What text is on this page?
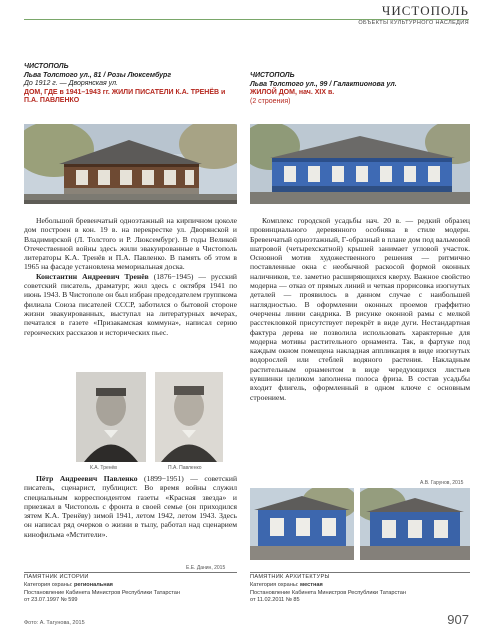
ЧИСТОПОЛЬ
ОБЪЕКТЫ КУЛЬТУРНОГО НАСЛЕДИЯ
ЧИСТОПОЛЬ
Льва Толстого ул., 81 / Розы Люксембург
До 1912 г. — Дворянская ул.
ДОМ, ГДЕ в 1941–1943 гг. ЖИЛИ ПИСАТЕЛИ К.А. ТРЕНЁВ и П.А. ПАВЛЕНКО
ЧИСТОПОЛЬ
Льва Толстого ул., 99 / Галактионова ул.
ЖИЛОЙ ДОМ, нач. XIX в.
(2 строения)

Небольшой бревенчатый одноэтажный на кирпичном цоколе дом построен в кон. 19 в. на перекрестке ул. Дворянской и Владимирской (Л. Толстого и Р. Люксембург). В годы Великой Отечественной войны здесь жили эвакуированные в Чистополь литераторы К.А. Тренёв и П.А. Павленко. В память об этом в 1965 на фасаде установлена мемориальная доска.

Константин Андреевич Тренёв (1876−1945) — русский советский писатель, драматург, жил здесь с октября 1941 по июнь 1943. В Чистополе он был избран председателем группкома филиала Союза писателей СССР, заботился о бытовой стороне жизни эвакуированных, выступал на литературных вечерах, печатался в газете «Призакамская коммуна», написал серию героических рассказов и исторических пьес.

К.А. Тренёв	П.А. Павленко

Пётр Андреевич Павленко (1899−1951) — советский писатель, сценарист, публицист. Во время войны служил специальным корреспондентом газеты «Красная звезда» и приезжал в Чистополь с фронта в своей семье (он приходился зятем К.А. Тренёву) зимой 1941, летом 1942, летом 1943. Здесь он написал ряд очерков о жизни в тылу, работал над сценарием кинофильма «Мстители».

Е.Е. Данин, 2015
ПАМЯТНИК ИСТОРИИ
Категория охраны: региональная
Постановление Кабинета Министров Республики Татарстан
от 23.07.1997 № 599

Комплекс городской усадьбы нач. 20 в. — редкий образец провинциального деревянного особняка в стиле модерн. Бревенчатый одноэтажный, Г-образный в плане дом под вальмовой шатровой (четырехскатной) крышей занимает угловой участок. Основной мотив художественного решения — ритмично поставленные окна с необычной раскосой формой оконных наличников, т.е. заметно расширяющихся кверху. Важное свойство модерна — отказ от прямых линий и четкая прорисовка изогнутых деталей — проявилось в данном случае с наибольшей наглядностью. В оформлении оконных проемов граффитно очерчены линии сандрика. В рисунке оконной рамы с мелкой расстекловкой присутствует перекрёт в виде дуги. Нестандартная фактура дерева не позволила использовать характерные для модерна мотивы растительного орнамента. Так, в фартуке под каждым окном помещена накладная аппликация в виде изогнутых водорослей или стеблей водяного растения. Накладным растительным орнаментом в виде чередующихся листьев кувшинки целиком заполнена полоса фриза. В состав усадьбы входит флигель, оформленный в одном ключе с основным строением.

А.В. Гарунов, 2015
ПАМЯТНИК АРХИТЕКТУРЫ
Категория охраны: местная
Постановление Кабинета Министров Республики Татарстан
от 11.02.2011 № 85
Фото: А. Тагунова, 2015	907
